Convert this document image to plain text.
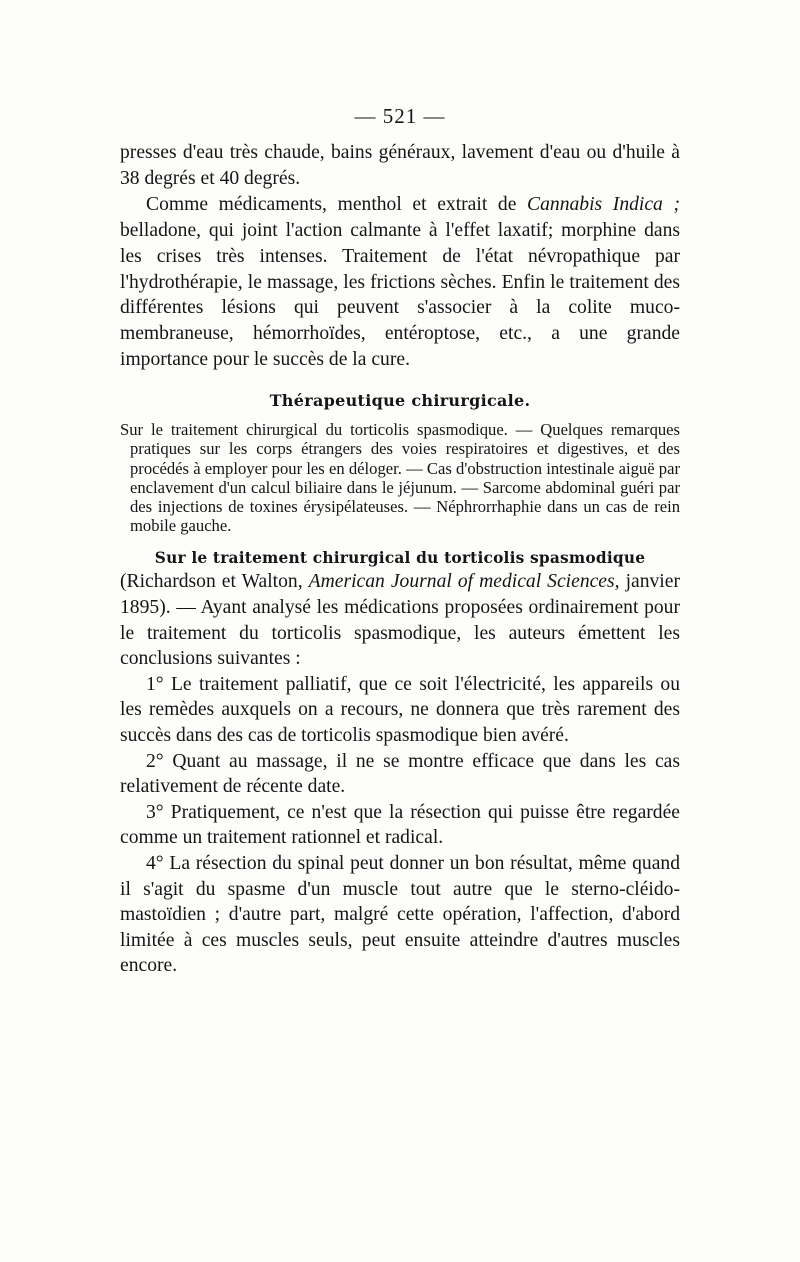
— 521 —

presses d'eau très chaude, bains généraux, lavement d'eau ou d'huile à 38 degrés et 40 degrés.

Comme médicaments, menthol et extrait de Cannabis Indica ; belladone, qui joint l'action calmante à l'effet laxatif; morphine dans les crises très intenses. Traitement de l'état névropathique par l'hydrothérapie, le massage, les frictions sèches. Enfin le traitement des différentes lésions qui peuvent s'associer à la colite muco-membraneuse, hémorrhoïdes, entéroptose, etc., a une grande importance pour le succès de la cure.

Thérapeutique chirurgicale.

Sur le traitement chirurgical du torticolis spasmodique. — Quelques remarques pratiques sur les corps étrangers des voies respiratoires et digestives, et des procédés à employer pour les en déloger. — Cas d'obstruction intestinale aiguë par enclavement d'un calcul biliaire dans le jéjunum. — Sarcome abdominal guéri par des injections de toxines érysipélateuses. — Néphrorrhaphie dans un cas de rein mobile gauche.

Sur le traitement chirurgical du torticolis spasmodique

(Richardson et Walton, American Journal of medical Sciences, janvier 1895). — Ayant analysé les médications proposées ordinairement pour le traitement du torticolis spasmodique, les auteurs émettent les conclusions suivantes :

1° Le traitement palliatif, que ce soit l'électricité, les appareils ou les remèdes auxquels on a recours, ne donnera que très rarement des succès dans des cas de torticolis spasmodique bien avéré.

2° Quant au massage, il ne se montre efficace que dans les cas relativement de récente date.

3° Pratiquement, ce n'est que la résection qui puisse être regardée comme un traitement rationnel et radical.

4° La résection du spinal peut donner un bon résultat, même quand il s'agit du spasme d'un muscle tout autre que le sterno-cléido-mastoïdien ; d'autre part, malgré cette opération, l'affection, d'abord limitée à ces muscles seuls, peut ensuite atteindre d'autres muscles encore.
